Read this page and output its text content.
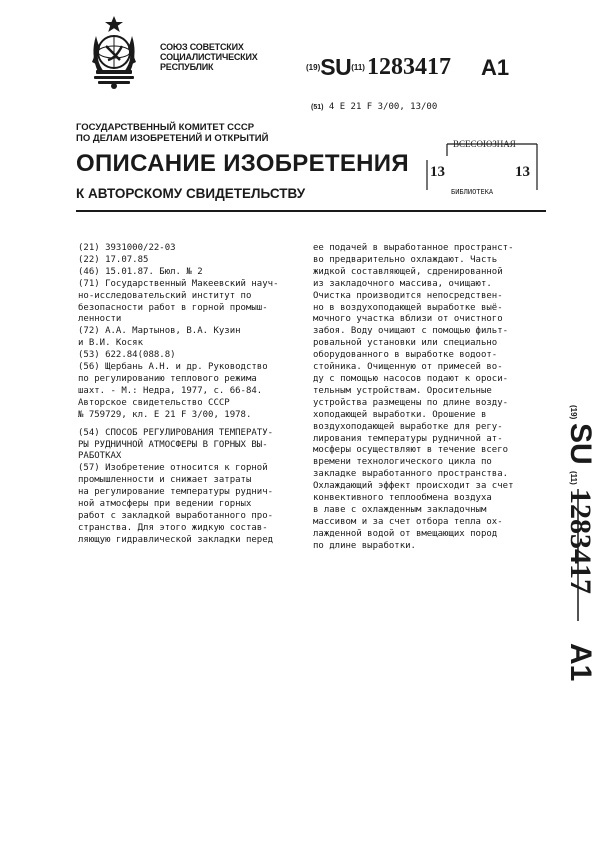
СОЮЗ СОВЕТСКИХ
СОЦИАЛИСТИЧЕСКИХ
РЕСПУБЛИК	(19)SU(11)1283417 A1
(51) 4 E 21 F 3/00, 13/00
ГОСУДАРСТВЕННЫЙ КОМИТЕТ СССР
ПО ДЕЛАМ ИЗОБРЕТЕНИЙ И ОТКРЫТИЙ	ВСЕСОЮЗНАЯ
13	13
БИБЛИОТЕКА
ОПИСАНИЕ ИЗОБРЕТЕНИЯ
К АВТОРСКОМУ СВИДЕТЕЛЬСТВУ
(21) 3931000/22-03
(22) 17.07.85
(46) 15.01.87. Бюл. № 2
(71) Государственный Макеевский науч-
но-исследовательский институт по
безопасности работ в горной промыш-
ленности
(72) А.А. Мартынов, В.А. Кузин
и В.И. Косяк
(53) 622.84(088.8)
(56) Щербань А.Н. и др. Руководство
по регулированию теплового режима
шахт. - М.: Недра, 1977, с. 66-84.
Авторское свидетельство СССР
№ 759729, кл. Е 21 F 3/00, 1978.
(54) СПОСОБ РЕГУЛИРОВАНИЯ ТЕМПЕРАТУ-
РЫ РУДНИЧНОЙ АТМОСФЕРЫ В ГОРНЫХ ВЫ-
РАБОТКАХ
(57) Изобретение относится к горной
промышленности и снижает затраты
на регулирование температуры руднич-
ной атмосферы при ведении горных
работ с закладкой выработанного про-
странства. Для этого жидкую состав-
ляющую гидравлической закладки перед
ее подачей в выработанное пространст-
во предварительно охлаждают. Часть
жидкой составляющей, сдренированной
из закладочного массива, очищают.
Очистка производится непосредствен-
но в воздухоподающей выработке выё-
мочного участка вблизи от очистного
забоя. Воду очищают с помощью фильт-
ровальной установки или специально
оборудованного в выработке водоот-
стойника. Очищенную от примесей во-
ду с помощью насосов подают к ороси-
тельным устройствам. Оросительные
устройства размещены по длине возду-
хоподающей выработки. Орошение в
воздухоподающей выработке для регу-
лирования температуры рудничной ат-
мосферы осуществляют в течение всего
времени технологического цикла по
закладке выработанного пространства.
Охлаждающий эффект происходит за счет
конвективного теплообмена воздуха
в лаве с охлажденным закладочным
массивом и за счет отбора тепла ох-
лажденной водой от вмещающих пород
по длине выработки.
(19)
SU
(11)
1283417
A1
